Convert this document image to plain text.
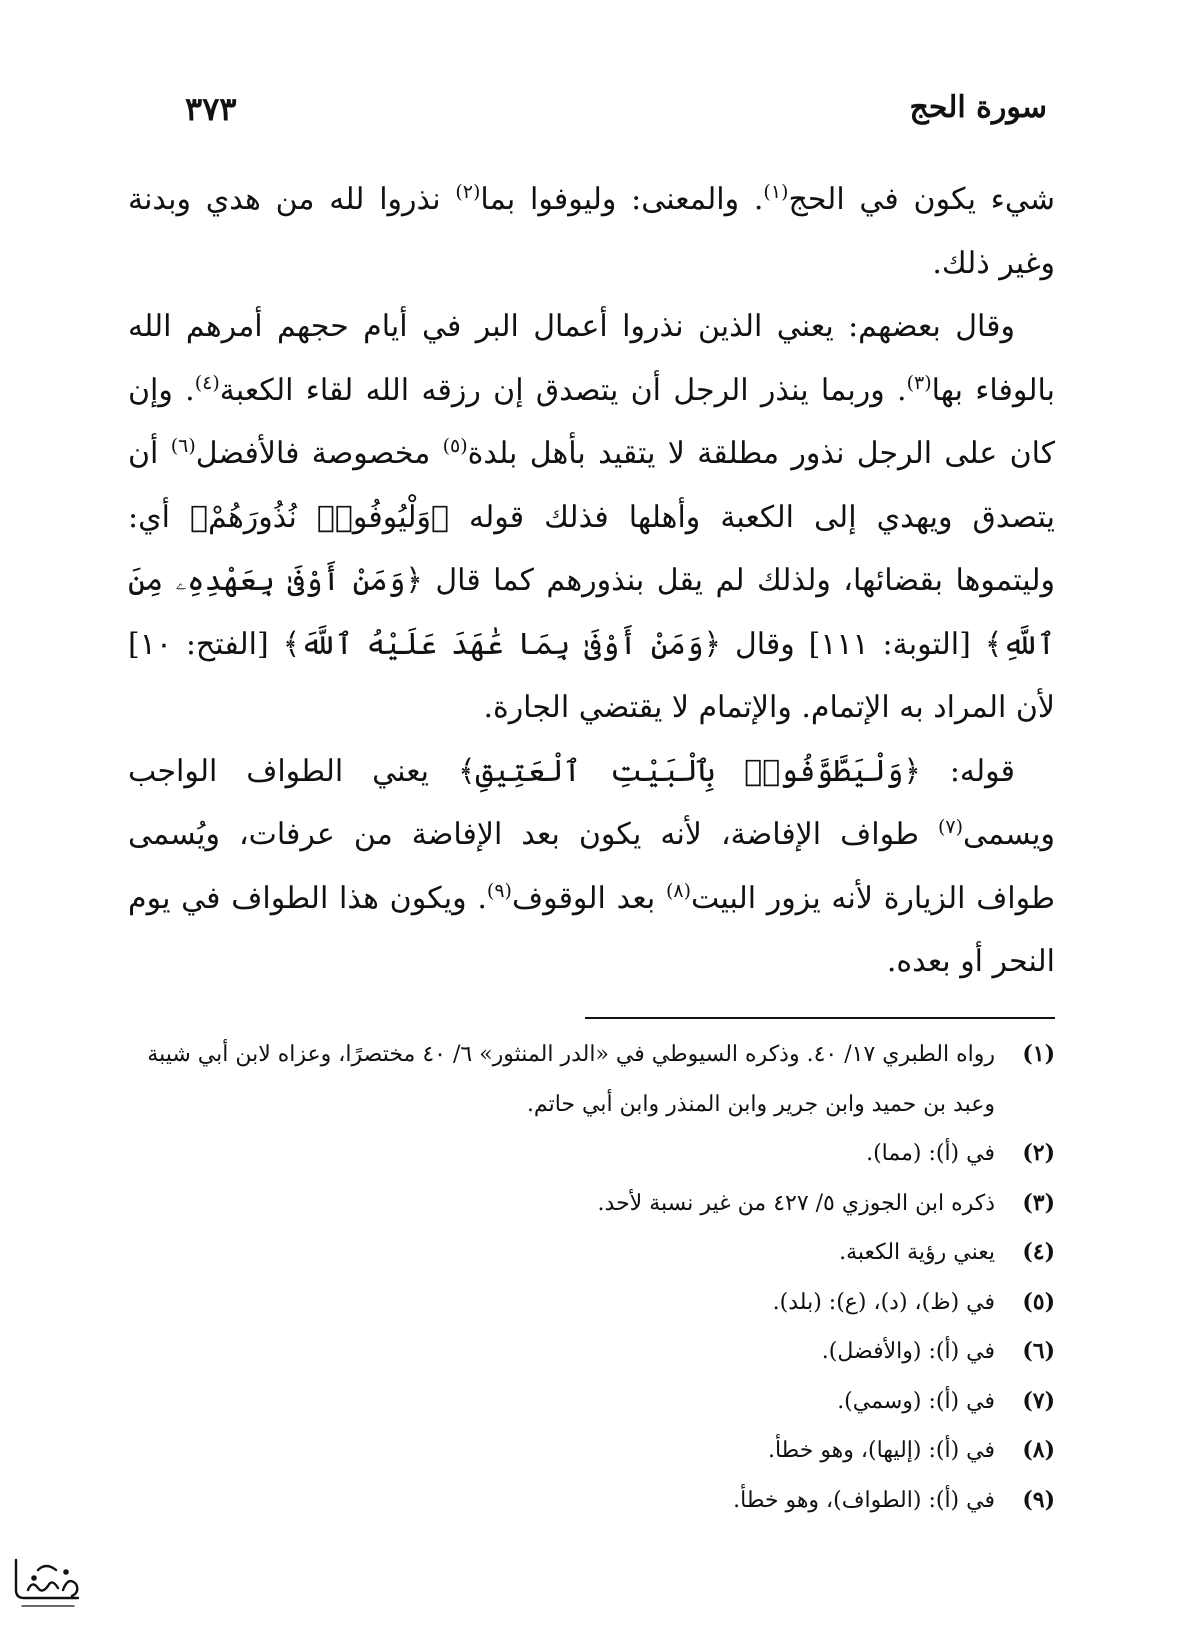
سورة الحج
٣٧٣

شيء يكون في الحج$^{(١)}$. والمعنى: وليوفوا بما$^{(٢)}$ نذروا لله من هدي وبدنة وغير ذلك.

وقال بعضهم: يعني الذين نذروا أعمال البر في أيام حجهم أمرهم الله بالوفاء بها$^{(٣)}$. وربما ينذر الرجل أن يتصدق إن رزقه الله لقاء الكعبة$^{(٤)}$. وإن كان على الرجل نذور مطلقة لا يتقيد بأهل بلدة$^{(٥)}$ مخصوصة فالأفضل$^{(٦)}$ أن يتصدق ويهدي إلى الكعبة وأهلها فذلك قوله ﴿وَلْيُوفُوا۟ نُذُورَهُمْ﴾ أي: وليتموها بقضائها، ولذلك لم يقل بنذورهم كما قال ﴿وَمَنْ أَوْفَىٰ بِعَهْدِهِۦ مِنَ ٱللَّهِ﴾ [التوبة: ١١١] وقال ﴿وَمَنْ أَوْفَىٰ بِمَا عَٰهَدَ عَلَيْهُ ٱللَّهَ﴾ [الفتح: ١٠] لأن المراد به الإتمام. والإتمام لا يقتضي الجارة.

قوله: ﴿وَلْيَطَّوَّفُوا۟ بِٱلْبَيْتِ ٱلْعَتِيقِ﴾ يعني الطواف الواجب ويسمى$^{(٧)}$ طواف الإفاضة، لأنه يكون بعد الإفاضة من عرفات، ويُسمى طواف الزيارة لأنه يزور البيت$^{(٨)}$ بعد الوقوف$^{(٩)}$. ويكون هذا الطواف في يوم النحر أو بعده.

(١)
رواه الطبري ١٧/ ٤٠. وذكره السيوطي في «الدر المنثور» ٦/ ٤٠ مختصرًا، وعزاه لابن أبي شيبة وعبد بن حميد وابن جرير وابن المنذر وابن أبي حاتم.
(٢)
في (أ): (مما).
(٣)
ذكره ابن الجوزي ٥/ ٤٢٧ من غير نسبة لأحد.
(٤)
يعني رؤية الكعبة.
(٥)
في (ظ)، (د)، (ع): (بلد).
(٦)
في (أ): (والأفضل).
(٧)
في (أ): (وسمي).
(٨)
في (أ): (إليها)، وهو خطأ.
(٩)
في (أ): (الطواف)، وهو خطأ.
